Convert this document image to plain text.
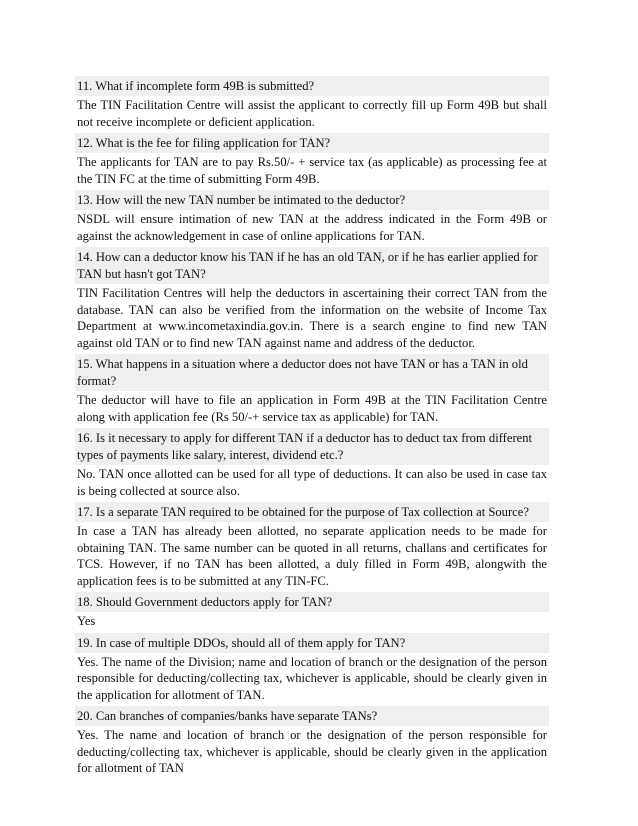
11. What if incomplete form 49B is submitted?

The TIN Facilitation Centre will assist the applicant to correctly fill up Form 49B but shall not receive incomplete or deficient application.

12. What is the fee for filing application for TAN?

The applicants for TAN are to pay Rs.50/- + service tax (as applicable) as processing fee at the TIN FC at the time of submitting Form 49B.

13. How will the new TAN number be intimated to the deductor?

NSDL will ensure intimation of new TAN at the address indicated in the Form 49B or against the acknowledgement in case of online applications for TAN.

14. How can a deductor know his TAN if he has an old TAN, or if he has earlier applied for TAN but hasn't got TAN?

TIN Facilitation Centres will help the deductors in ascertaining their correct TAN from the database. TAN can also be verified from the information on the website of Income Tax Department at www.incometaxindia.gov.in. There is a search engine to find new TAN against old TAN or to find new TAN against name and address of the deductor.

15. What happens in a situation where a deductor does not have TAN or has a TAN in old format?

The deductor will have to file an application in Form 49B at the TIN Facilitation Centre along with application fee (Rs 50/-+ service tax as applicable) for TAN.

16. Is it necessary to apply for different TAN if a deductor has to deduct tax from different types of payments like salary, interest, dividend etc.?

No. TAN once allotted can be used for all type of deductions. It can also be used in case tax is being collected at source also.

17. Is a separate TAN required to be obtained for the purpose of Tax collection at Source?

In case a TAN has already been allotted, no separate application needs to be made for obtaining TAN. The same number can be quoted in all returns, challans and certificates for TCS. However, if no TAN has been allotted, a duly filled in Form 49B, alongwith the application fees is to be submitted at any TIN-FC.

18. Should Government deductors apply for TAN?

Yes

19. In case of multiple DDOs, should all of them apply for TAN?

Yes. The name of the Division; name and location of branch or the designation of the person responsible for deducting/collecting tax, whichever is applicable, should be clearly given in the application for allotment of TAN.

20. Can branches of companies/banks have separate TANs?

Yes. The name and location of branch or the designation of the person responsible for deducting/collecting tax, whichever is applicable, should be clearly given in the application for allotment of TAN
